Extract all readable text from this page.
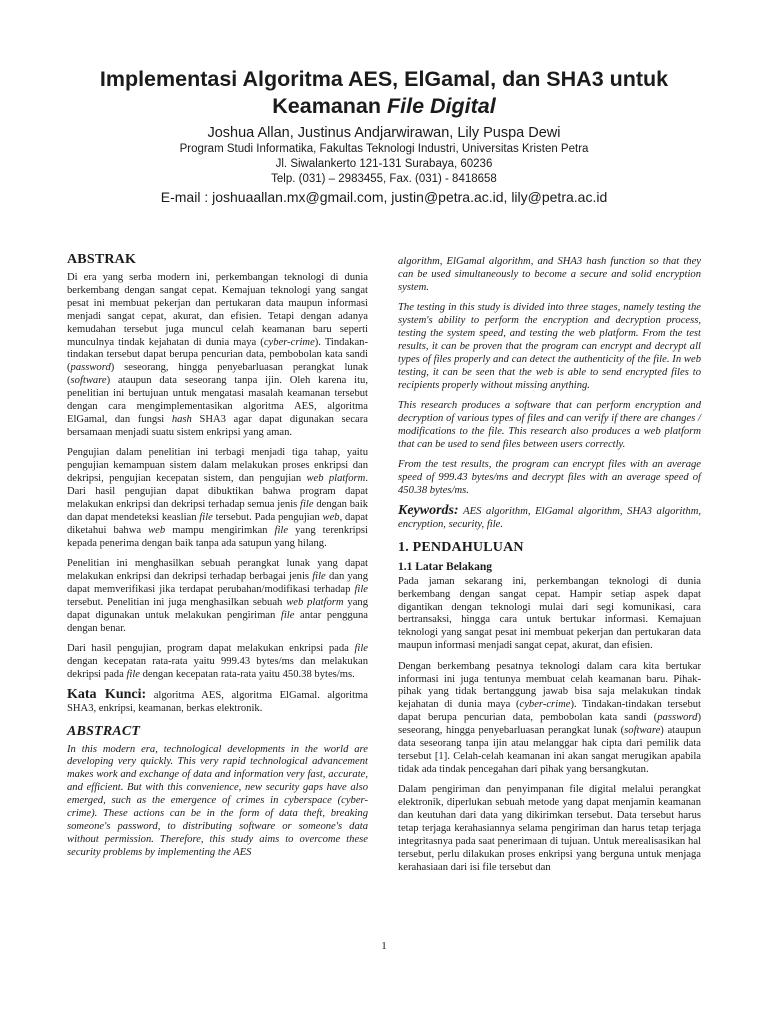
Implementasi Algoritma AES, ElGamal, dan SHA3 untuk
Keamanan File Digital
Joshua Allan, Justinus Andjarwirawan, Lily Puspa Dewi
Program Studi Informatika, Fakultas Teknologi Industri, Universitas Kristen Petra
Jl. Siwalankerto 121-131 Surabaya, 60236
Telp. (031) – 2983455, Fax. (031) - 8418658
E-mail : joshuaallan.mx@gmail.com, justin@petra.ac.id, lily@petra.ac.id
ABSTRAK

Di era yang serba modern ini, perkembangan teknologi di dunia berkembang dengan sangat cepat. Kemajuan teknologi yang sangat pesat ini membuat pekerjan dan pertukaran data maupun informasi menjadi sangat cepat, akurat, dan efisien. Tetapi dengan adanya kemudahan tersebut juga muncul celah keamanan baru seperti munculnya tindak kejahatan di dunia maya (cyber-crime). Tindakan-tindakan tersebut dapat berupa pencurian data, pembobolan kata sandi (password) seseorang, hingga penyebarluasan perangkat lunak (software) ataupun data seseorang tanpa ijin. Oleh karena itu, penelitian ini bertujuan untuk mengatasi masalah keamanan tersebut dengan cara mengimplementasikan algoritma AES, algoritma ElGamal, dan fungsi hash SHA3 agar dapat digunakan secara bersamaan menjadi suatu sistem enkripsi yang aman.

Pengujian dalam penelitian ini terbagi menjadi tiga tahap, yaitu pengujian kemampuan sistem dalam melakukan proses enkripsi dan dekripsi, pengujian kecepatan sistem, dan pengujian web platform. Dari hasil pengujian dapat dibuktikan bahwa program dapat melakukan enkripsi dan dekripsi terhadap semua jenis file dengan baik dan dapat mendeteksi keaslian file tersebut. Pada pengujian web, dapat diketahui bahwa web mampu mengirimkan file yang terenkripsi kepada penerima dengan baik tanpa ada satupun yang hilang.

Penelitian ini menghasilkan sebuah perangkat lunak yang dapat melakukan enkripsi dan dekripsi terhadap berbagai jenis file dan yang dapat memverifikasi jika terdapat perubahan/modifikasi terhadap file tersebut. Penelitian ini juga menghasilkan sebuah web platform yang dapat digunakan untuk melakukan pengiriman file antar pengguna dengan benar.

Dari hasil pengujian, program dapat melakukan enkripsi pada file dengan kecepatan rata-rata yaitu 999.43 bytes/ms dan melakukan dekripsi pada file dengan kecepatan rata-rata yaitu 450.38 bytes/ms.

Kata Kunci: algoritma AES, algoritma ElGamal. algoritma SHA3, enkripsi, keamanan, berkas elektronik.

ABSTRACT

In this modern era, technological developments in the world are developing very quickly. This very rapid technological advancement makes work and exchange of data and information very fast, accurate, and efficient. But with this convenience, new security gaps have also emerged, such as the emergence of crimes in cyberspace (cyber-crime). These actions can be in the form of data theft, breaking someone's password, to distributing software or someone's data without permission. Therefore, this study aims to overcome these security problems by implementing the AES

algorithm, ElGamal algorithm, and SHA3 hash function so that they can be used simultaneously to become a secure and solid encryption system.

The testing in this study is divided into three stages, namely testing the system's ability to perform the encryption and decryption process, testing the system speed, and testing the web platform. From the test results, it can be proven that the program can encrypt and decrypt all types of files properly and can detect the authenticity of the file. In web testing, it can be seen that the web is able to send encrypted files to recipients properly without missing anything.

This research produces a software that can perform encryption and decryption of various types of files and can verify if there are changes / modifications to the file. This research also produces a web platform that can be used to send files between users correctly.

From the test results, the program can encrypt files with an average speed of 999.43 bytes/ms and decrypt files with an average speed of 450.38 bytes/ms.

Keywords: AES algorithm, ElGamal algorithm, SHA3 algorithm, encryption, security, file.

1. PENDAHULUAN
1.1 Latar Belakang

Pada jaman sekarang ini, perkembangan teknologi di dunia berkembang dengan sangat cepat. Hampir setiap aspek dapat digantikan dengan teknologi mulai dari segi komunikasi, cara bertransaksi, hingga cara untuk bertukar informasi. Kemajuan teknologi yang sangat pesat ini membuat pekerjan dan pertukaran data maupun informasi menjadi sangat cepat, akurat, dan efisien.

Dengan berkembang pesatnya teknologi dalam cara kita bertukar informasi ini juga tentunya membuat celah keamanan baru. Pihak-pihak yang tidak bertanggung jawab bisa saja melakukan tindak kejahatan di dunia maya (cyber-crime). Tindakan-tindakan tersebut dapat berupa pencurian data, pembobolan kata sandi (password) seseorang, hingga penyebarluasan perangkat lunak (software) ataupun data seseorang tanpa ijin atau melanggar hak cipta dari pemilik data tersebut [1]. Celah-celah keamanan ini akan sangat merugikan apabila tidak ada tindak pencegahan dari pihak yang bersangkutan.

Dalam pengiriman dan penyimpanan file digital melalui perangkat elektronik, diperlukan sebuah metode yang dapat menjamin keamanan dan keutuhan dari data yang dikirimkan tersebut. Data tersebut harus tetap terjaga kerahasiannya selama pengiriman dan harus tetap terjaga integritasnya pada saat penerimaan di tujuan. Untuk merealisasikan hal tersebut, perlu dilakukan proses enkripsi yang berguna untuk menjaga kerahasiaan dari isi file tersebut dan

1
